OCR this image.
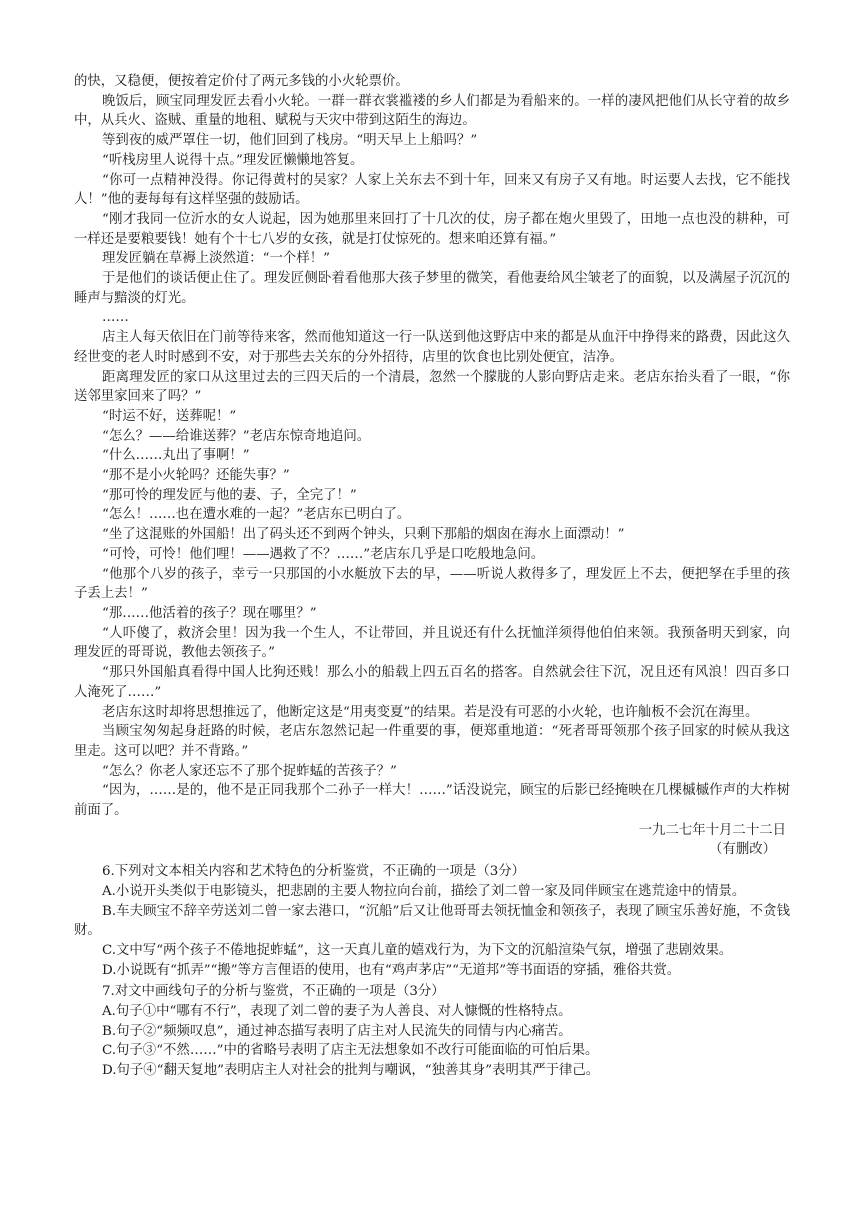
的快，又稳便，便按着定价付了两元多钱的小火轮票价。

晚饭后，顾宝同理发匠去看小火轮。一群一群衣裳褴褛的乡人们都是为看船来的。一样的凄风把他们从长守着的故乡中，从兵火、盗贼、重量的地租、赋税与天灾中带到这陌生的海边。

等到夜的威严罩住一切，他们回到了栈房。“明天早上上船吗？”

“听栈房里人说得十点。”理发匠懒懒地答复。

“你可一点精神没得。你记得黄村的吴家？人家上关东去不到十年，回来又有房子又有地。时运要人去找，它不能找人！”他的妻每每有这样坚强的鼓励话。

“刚才我同一位沂水的女人说起，因为她那里来回打了十几次的仗，房子都在炮火里毁了，田地一点也没的耕种，可一样还是要粮要钱！她有个十七八岁的女孩，就是打仗惊死的。想来咱还算有福。”

理发匠躺在草褥上淡然道：“一个样！”

于是他们的谈话便止住了。理发匠侧卧着看他那大孩子梦里的微笑，看他妻给风尘皱老了的面貌，以及满屋子沉沉的睡声与黯淡的灯光。

……

店主人每天依旧在门前等待来客，然而他知道这一行一队送到他这野店中来的都是从血汗中挣得来的路费，因此这久经世变的老人时时感到不安，对于那些去关东的分外招待，店里的饮食也比别处便宜，洁净。

距离理发匠的家口从这里过去的三四天后的一个清晨，忽然一个朦胧的人影向野店走来。老店东抬头看了一眼，“你送邻里家回来了吗？”

“时运不好，送葬呢！”

“怎么？——给谁送葬？”老店东惊奇地追问。

“什么……丸出了事啊！”

“那不是小火轮吗？还能失事？”

“那可怜的理发匠与他的妻、子，全完了！”

“怎么！……也在遭水难的一起？”老店东已明白了。

“坐了这混账的外国船！出了码头还不到两个钟头，只剩下那船的烟囱在海水上面漂动！”

“可怜，可怜！他们哩！——遇救了不？……”老店东几乎是口吃般地急问。

“他那个八岁的孩子，幸亏一只那国的小水艇放下去的早，——听说人救得多了，理发匠上不去，便把孥在手里的孩子丢上去！”

“那……他活着的孩子？现在哪里？”

“人吓傻了，救济会里！因为我一个生人，不让带回，并且说还有什么抚恤洋须得他伯伯来领。我预备明天到家，向理发匠的哥哥说，教他去领孩子。”

“那只外国船真看得中国人比狗还贱！那么小的船载上四五百名的搭客。自然就会往下沉，况且还有风浪！四百多口人淹死了……”

老店东这时却将思想推远了，他断定这是“用夷变夏”的结果。若是没有可恶的小火轮，也许舢板不会沉在海里。

当顾宝匆匆起身赶路的时候，老店东忽然记起一件重要的事，便郑重地道：“死者哥哥领那个孩子回家的时候从我这里走。这可以吧？并不背路。”

“怎么？你老人家还忘不了那个捉蚱蜢的苦孩子？”

“因为，……是的，他不是正同我那个二孙子一样大！……”话没说完，顾宝的后影已经掩映在几棵槭槭作声的大柞树前面了。

一九二七年十月二十二日

（有删改）

6.下列对文本相关内容和艺术特色的分析鉴赏，不正确的一项是（3分）

A.小说开头类似于电影镜头，把悲剧的主要人物拉向台前，描绘了刘二曾一家及同伴顾宝在逃荒途中的情景。

B.车夫顾宝不辞辛劳送刘二曾一家去港口，“沉船”后又让他哥哥去领抚恤金和领孩子，表现了顾宝乐善好施，不贪钱财。

C.文中写“两个孩子不倦地捉蚱蜢”，这一天真儿童的嬉戏行为，为下文的沉船渲染气氛，增强了悲剧效果。

D.小说既有“抓弄”“搬”等方言俚语的使用，也有“鸡声茅店”“无道邦”等书面语的穿插，雅俗共赏。

7.对文中画线句子的分析与鉴赏，不正确的一项是（3分）

A.句子①中“哪有不行”，表现了刘二曾的妻子为人善良、对人慷慨的性格特点。

B.句子②“频频叹息”，通过神态描写表明了店主对人民流失的同情与内心痛苦。

C.句子③“不然……”中的省略号表明了店主无法想象如不改行可能面临的可怕后果。

D.句子④“翻天复地”表明店主人对社会的批判与嘲讽，“独善其身”表明其严于律己。
